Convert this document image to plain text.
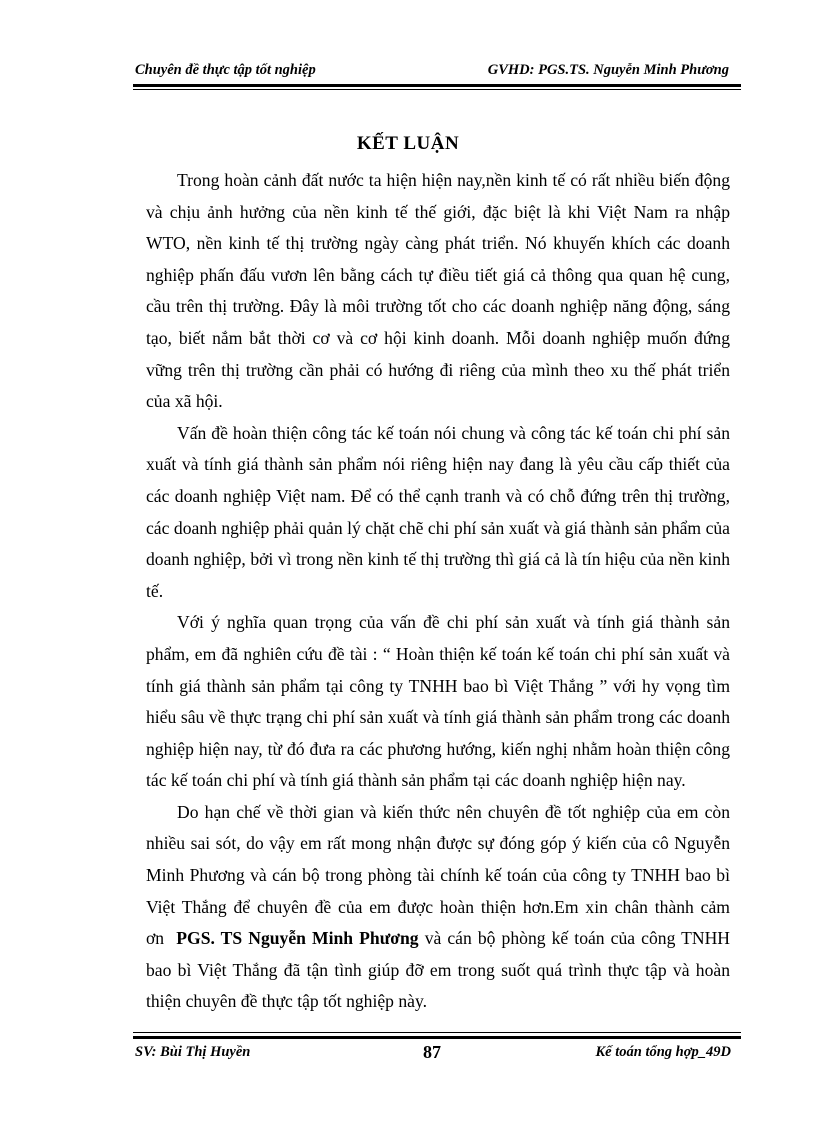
Chuyên đề thực tập tốt nghiệp	GVHD: PGS.TS. Nguyễn Minh Phương
KẾT LUẬN

Trong hoàn cảnh đất nước ta hiện hiện nay,nền kinh tế có rất nhiều biến động và chịu ảnh hưởng của nền kinh tế thế giới, đặc biệt là khi Việt Nam ra nhập WTO, nền kinh tế thị trường ngày càng phát triển. Nó khuyến khích các doanh nghiệp phấn đấu vươn lên bằng cách tự điều tiết giá cả thông qua quan hệ cung, cầu trên thị trường. Đây là môi trường tốt cho các doanh nghiệp năng động, sáng tạo, biết nắm bắt thời cơ và cơ hội kinh doanh. Mỗi doanh nghiệp muốn đứng vững trên thị trường cần phải có hướng đi riêng của mình theo xu thế phát triển của xã hội.

Vấn đề hoàn thiện công tác kế toán nói chung và công tác kế toán chi phí sản xuất và tính giá thành sản phẩm nói riêng hiện nay đang là yêu cầu cấp thiết của các doanh nghiệp Việt nam. Để có thể cạnh tranh và có chỗ đứng trên thị trường, các doanh nghiệp phải quản lý chặt chẽ chi phí sản xuất và giá thành sản phẩm của doanh nghiệp, bởi vì trong nền kinh tế thị trường thì giá cả là tín hiệu của nền kinh tế.

Với ý nghĩa quan trọng của vấn đề chi phí sản xuất và tính giá thành sản phẩm, em đã nghiên cứu đề tài : “ Hoàn thiện kế toán kế toán chi phí sản xuất và tính giá thành sản phẩm tại công ty TNHH bao bì Việt Thắng ” với hy vọng tìm hiểu sâu về thực trạng chi phí sản xuất và tính giá thành sản phẩm trong các doanh nghiệp hiện nay, từ đó đưa ra các phương hướng, kiến nghị nhằm hoàn thiện công tác kế toán chi phí và tính giá thành sản phẩm tại các doanh nghiệp hiện nay.

Do hạn chế về thời gian và kiến thức nên chuyên đề tốt nghiệp của em còn nhiều sai sót, do vậy em rất mong nhận được sự đóng góp ý kiến của cô Nguyễn Minh Phương và cán bộ trong phòng tài chính kế toán của công ty TNHH bao bì Việt Thắng để chuyên đề của em được hoàn thiện hơn.Em xin chân thành cảm ơn PGS. TS Nguyễn Minh Phương và cán bộ phòng kế toán của công TNHH bao bì Việt Thắng đã tận tình giúp đỡ em trong suốt quá trình thực tập và hoàn thiện chuyên đề thực tập tốt nghiệp này.

SV: Bùi Thị Huyền	87	Kế toán tổng hợp_49D
